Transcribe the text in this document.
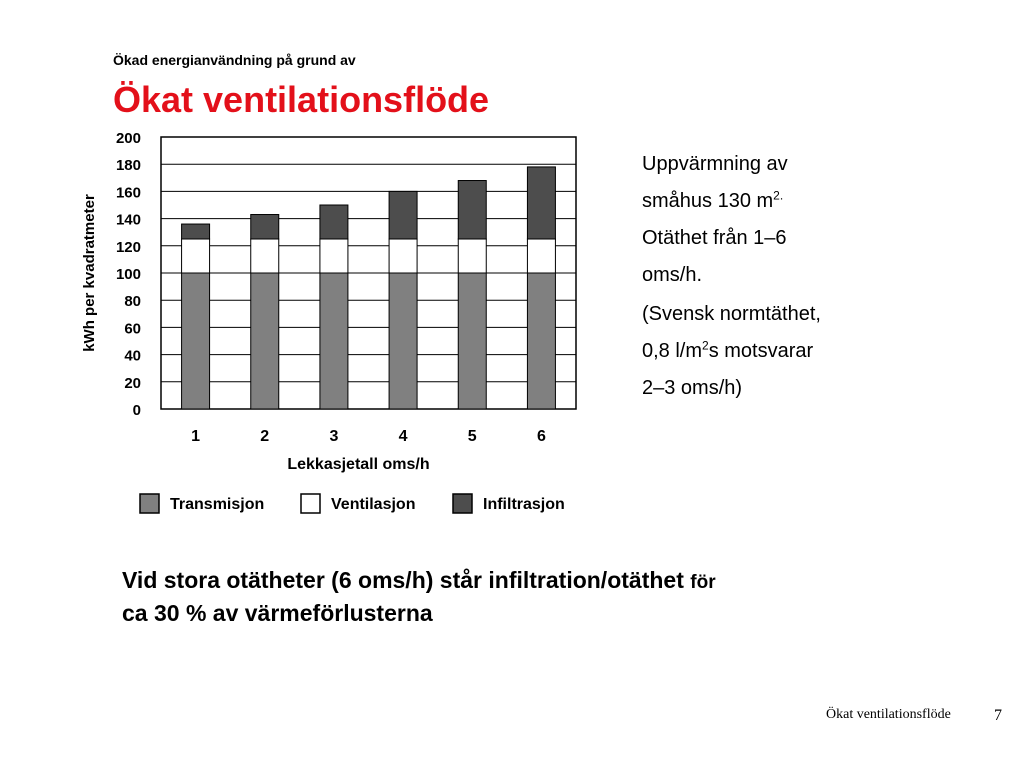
Ökad energianvändning på grund av
Ökat ventilationsflöde
0
20
40
60
80
100
120
140
160
180
200
1	2	3	4	5	6
Lekkasjetall oms/h
kWh per kvadratmeter
Transmisjon	Ventilasjon	Infiltrasjon

Uppvärmning av
småhus 130 $m^{2.}$
Otäthet från 1–6
oms/h.

(Svensk normtäthet,
0,8 $l/m^2s$ motsvarar
2–3 oms/h)

Vid stora otätheter (6 oms/h) står infiltration/otäthet för
ca 30 % av värmeförlusterna
Ökat ventilationsflöde	7
